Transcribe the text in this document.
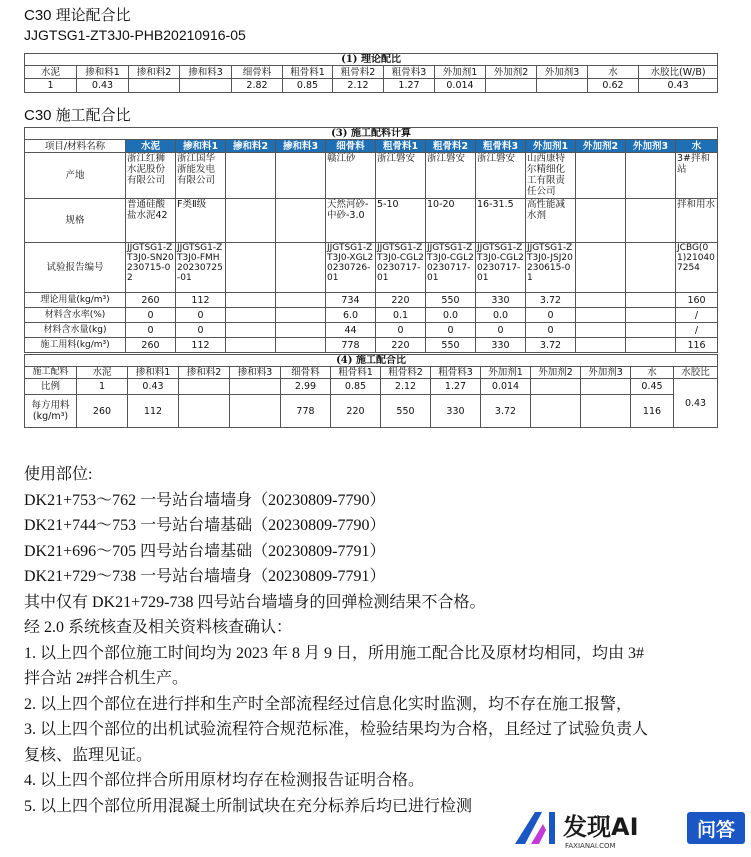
C30 理论配合比
JJGTSG1-ZT3J0-PHB20210916-05
(1) 理论配比												
水泥	掺和料1	掺和料2	掺和料3	细骨料	粗骨料1	粗骨料2	粗骨料3	外加剂1	外加剂2	外加剂3	水	水胶比(W/B)
1	0.43			2.82	0.85	2.12	1.27	0.014			0.62	0.43
C30 施工配合比
(3) 施工配料计算												
项目/材料名称	水泥	掺和料1	掺和料2	掺和料3	细骨料	粗骨料1	粗骨料2	粗骨料3	外加剂1	外加剂2	外加剂3	水
产地	浙江红狮水泥股份有限公司	浙江国华浙能发电有限公司			赣江砂	浙江磐安	浙江磐安	浙江磐安	山西康特尔精细化工有限责任公司			3#拌和站
规格	普通硅酸盐水泥42	F类Ⅱ级			天然河砂-中砂-3.0	5-10	10-20	16-31.5	高性能减水剂			拌和用水
试验报告编号	JJGTSG1-ZT3J0-SN20230715-02	JJGTSG1-ZT3J0-FMH20230725-01			JJGTSG1-ZT3J0-XGL20230726-01	JJGTSG1-ZT3J0-CGL20230717-01	JJGTSG1-ZT3J0-CGL20230717-01	JJGTSG1-ZT3J0-CGL20230717-01	JJGTSG1-ZT3J0-JSJ20230615-01			JCBG(01)210407254
理论用量(kg/m³)	260	112			734	220	550	330	3.72			160
材料含水率(%)	0	0			6.0	0.1	0.0	0.0	0			/
材料含水量(kg)	0	0			44	0	0	0	0			/
施工用料(kg/m³)	260	112			778	220	550	330	3.72			116
(4) 施工配合比													
施工配料	水泥	掺和料1	掺和料2	掺和料3	细骨料	粗骨料1	粗骨料2	粗骨料3	外加剂1	外加剂2	外加剂3	水	水胶比
比例	1	0.43			2.99	0.85	2.12	1.27	0.014			0.45	0.43

每方用料
(kg/m³)	260	112			778	220	550	330	3.72			116	
使用部位:
DK21+753～762 一号站台墙墙身（20230809-7790）
DK21+744～753 一号站台墙基础（20230809-7790）
DK21+696～705 四号站台墙基础（20230809-7791）
DK21+729～738 一号站台墙墙身（20230809-7791）
其中仅有 DK21+729-738 四号站台墙墙身的回弹检测结果不合格。
经 2.0 系统核查及相关资料核查确认：
1. 以上四个部位施工时间均为 2023 年 8 月 9 日，所用施工配合比及原材均相同，均由 3#
拌合站 2#拌合机生产。
2. 以上四个部位在进行拌和生产时全部流程经过信息化实时监测，均不存在施工报警，
3. 以上四个部位的出机试验流程符合规范标准，检验结果均为合格，且经过了试验负责人
复核、监理见证。
4. 以上四个部位拌合所用原材均存在检测报告证明合格。
5. 以上四个部位所用混凝土所制试块在充分标养后均已进行检测
发现AI
FAXIANAI.COM
问答
